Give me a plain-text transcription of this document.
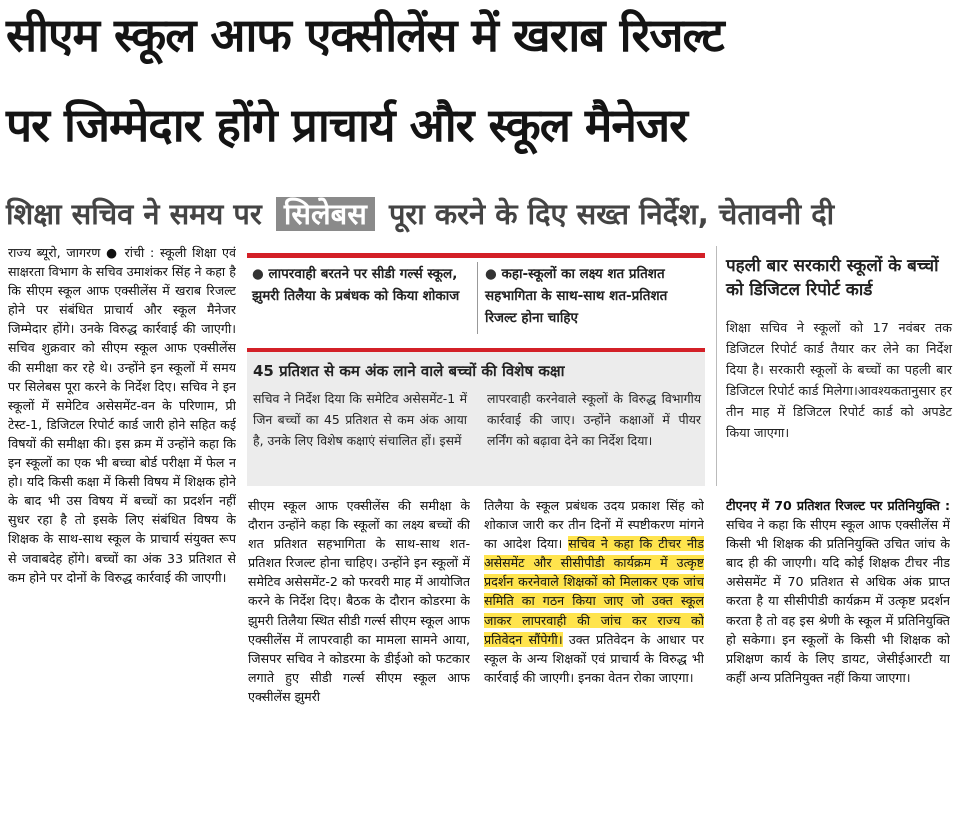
सीएम स्कूल आफ एक्सीलेंस में खराब रिजल्ट
पर जिम्मेदार होंगे प्राचार्य और स्कूल मैनेजर
शिक्षा सचिव ने समय पर सिलेबस पूरा करने के दिए सख्त निर्देश, चेतावनी दी

राज्य ब्यूरो, जागरण ● रांची : स्कूली शिक्षा एवं साक्षरता विभाग के सचिव उमाशंकर सिंह ने कहा है कि सीएम स्कूल आफ एक्सीलेंस में खराब रिजल्ट होने पर संबंधित प्राचार्य और स्कूल मैनेजर जिम्मेदार होंगे। उनके विरुद्ध कार्रवाई की जाएगी। सचिव शुक्रवार को सीएम स्कूल आफ एक्सीलेंस की समीक्षा कर रहे थे। उन्होंने इन स्कूलों में समय पर सिलेबस पूरा करने के निर्देश दिए। सचिव ने इन स्कूलों में समेटिव असेसमेंट-वन के परिणाम, प्री टेस्ट-1, डिजिटल रिपोर्ट कार्ड जारी होने सहित कई विषयों की समीक्षा की। इस क्रम में उन्होंने कहा कि इन स्कूलों का एक भी बच्चा बोर्ड परीक्षा में फेल न हो। यदि किसी कक्षा में किसी विषय में शिक्षक होने के बाद भी उस विषय में बच्चों का प्रदर्शन नहीं सुधर रहा है तो इसके लिए संबंधित विषय के शिक्षक के साथ-साथ स्कूल के प्राचार्य संयुक्त रूप से जवाबदेह होंगे। बच्चों का अंक 33 प्रतिशत से कम होने पर दोनों के विरुद्ध कार्रवाई की जाएगी।

● लापरवाही बरतने पर सीडी गर्ल्स स्कूल, झुमरी तिलैया के प्रबंधक को किया शोकाज
● कहा-स्कूलों का लक्ष्य शत प्रतिशत सहभागिता के साथ-साथ शत-प्रतिशत रिजल्ट होना चाहिए
45 प्रतिशत से कम अंक लाने वाले बच्चों की विशेष कक्षा
सचिव ने निर्देश दिया कि समेटिव असेसमेंट-1 में जिन बच्चों का 45 प्रतिशत से कम अंक आया है, उनके लिए विशेष कक्षाएं संचालित हों। इसमें
लापरवाही करनेवाले स्कूलों के विरुद्ध विभागीय कार्रवाई की जाए। उन्होंने कक्षाओं में पीयर लर्निंग को बढ़ावा देने का निर्देश दिया।

सीएम स्कूल आफ एक्सीलेंस की समीक्षा के दौरान उन्होंने कहा कि स्कूलों का लक्ष्य बच्चों की शत प्रतिशत सहभागिता के साथ-साथ शत-प्रतिशत रिजल्ट होना चाहिए। उन्होंने इन स्कूलों में समेटिव असेसमेंट-2 को फरवरी माह में आयोजित करने के निर्देश दिए। बैठक के दौरान कोडरमा के झुमरी तिलैया स्थित सीडी गर्ल्स सीएम स्कूल आफ एक्सीलेंस में लापरवाही का मामला सामने आया, जिसपर सचिव ने कोडरमा के डीईओ को फटकार लगाते हुए सीडी गर्ल्स सीएम स्कूल आफ एक्सीलेंस झुमरी

तिलैया के स्कूल प्रबंधक उदय प्रकाश सिंह को शोकाज जारी कर तीन दिनों में स्पष्टीकरण मांगने का आदेश दिया। सचिव ने कहा कि टीचर नीड असेसमेंट और सीसीपीडी कार्यक्रम में उत्कृष्ट प्रदर्शन करनेवाले शिक्षकों को मिलाकर एक जांच समिति का गठन किया जाए जो उक्त स्कूल जाकर लापरवाही की जांच कर राज्य को प्रतिवेदन सौंपेगी। उक्त प्रतिवेदन के आधार पर स्कूल के अन्य शिक्षकों एवं प्राचार्य के विरुद्ध भी कार्रवाई की जाएगी। इनका वेतन रोका जाएगा।

पहली बार सरकारी स्कूलों के बच्चों को डिजिटल रिपोर्ट कार्ड
शिक्षा सचिव ने स्कूलों को 17 नवंबर तक डिजिटल रिपोर्ट कार्ड तैयार कर लेने का निर्देश दिया है। सरकारी स्कूलों के बच्चों का पहली बार डिजिटल रिपोर्ट कार्ड मिलेगा।आवश्यकतानुसार हर तीन माह में डिजिटल रिपोर्ट कार्ड को अपडेट किया जाएगा।

टीएनए में 70 प्रतिशत रिजल्ट पर प्रतिनियुक्ति : सचिव ने कहा कि सीएम स्कूल आफ एक्सीलेंस में किसी भी शिक्षक की प्रतिनियुक्ति उचित जांच के बाद ही की जाएगी। यदि कोई शिक्षक टीचर नीड असेसमेंट में 70 प्रतिशत से अधिक अंक प्राप्त करता है या सीसीपीडी कार्यक्रम में उत्कृष्ट प्रदर्शन करता है तो वह इस श्रेणी के स्कूल में प्रतिनियुक्ति हो सकेगा। इन स्कूलों के किसी भी शिक्षक को प्रशिक्षण कार्य के लिए डायट, जेसीईआरटी या कहीं अन्य प्रतिनियुक्त नहीं किया जाएगा।
